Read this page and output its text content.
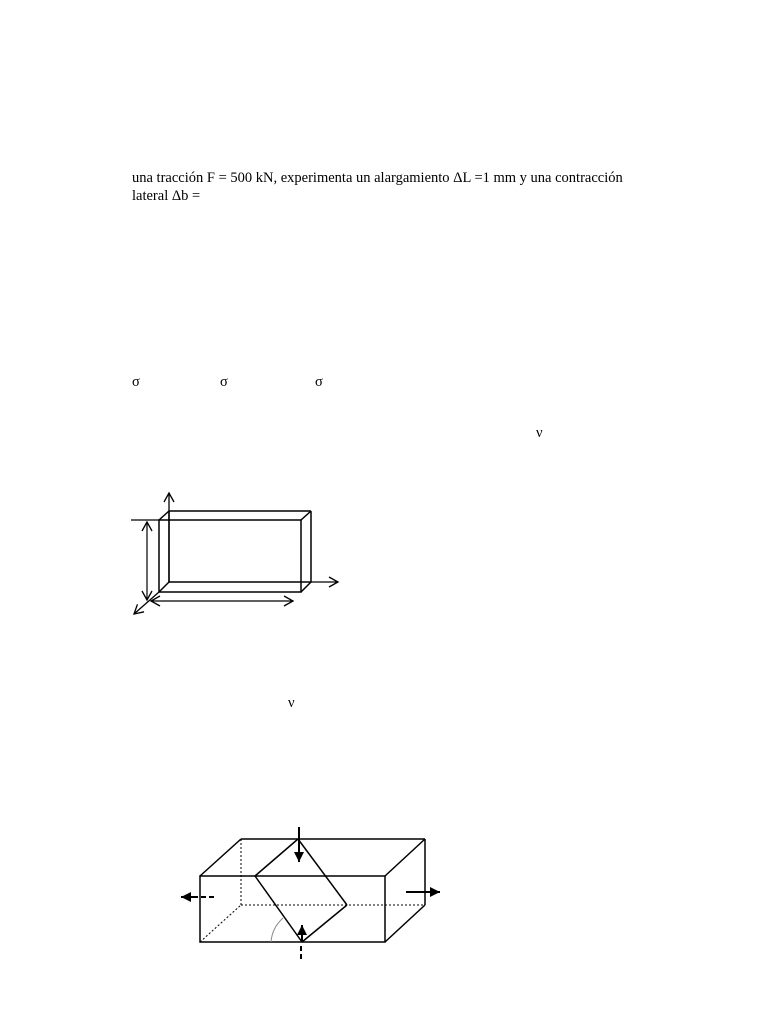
una tracción F = 500 kN, experimenta un alargamiento ΔL =1 mm y una contracción
lateral Δb =
σ	σ	σ
ν
ν
